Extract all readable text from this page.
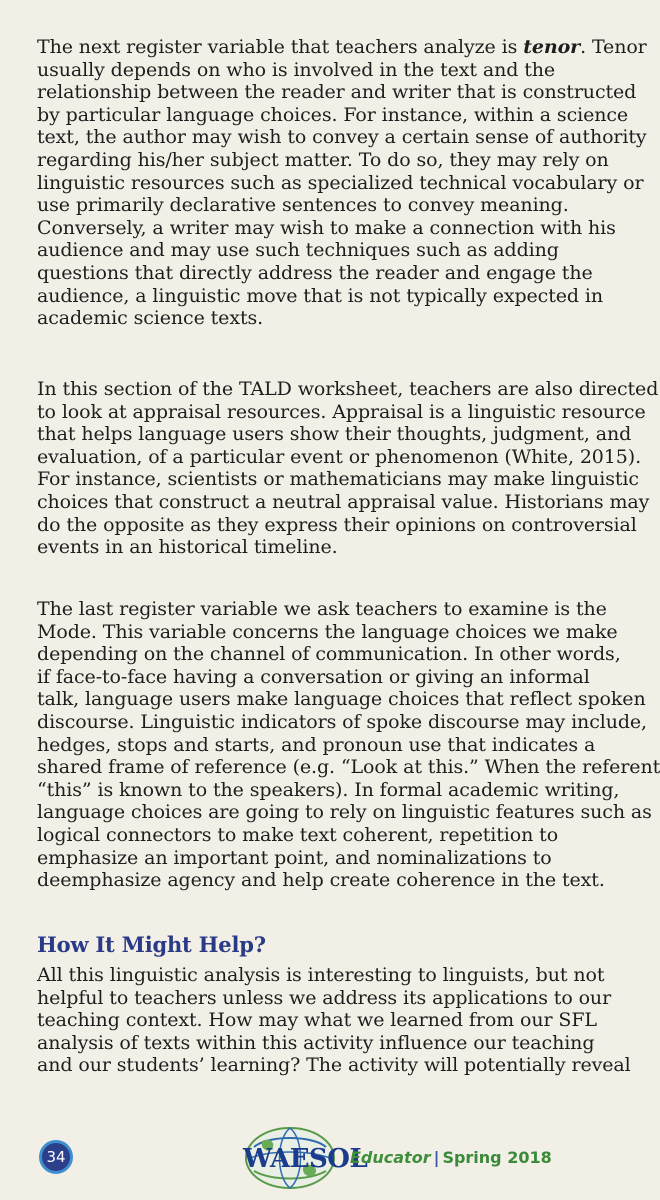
The next register variable that teachers analyze is tenor. Tenor
usually depends on who is involved in the text and the
relationship between the reader and writer that is constructed
by particular language choices. For instance, within a science
text, the author may wish to convey a certain sense of authority
regarding his/her subject matter. To do so, they may rely on
linguistic resources such as specialized technical vocabulary or
use primarily declarative sentences to convey meaning.
Conversely, a writer may wish to make a connection with his
audience and may use such techniques such as adding
questions that directly address the reader and engage the
audience, a linguistic move that is not typically expected in
academic science texts.
In this section of the TALD worksheet, teachers are also directed
to look at appraisal resources. Appraisal is a linguistic resource
that helps language users show their thoughts, judgment, and
evaluation, of a particular event or phenomenon (White, 2015).
For instance, scientists or mathematicians may make linguistic
choices that construct a neutral appraisal value. Historians may
do the opposite as they express their opinions on controversial
events in an historical timeline.
The last register variable we ask teachers to examine is the
Mode. This variable concerns the language choices we make
depending on the channel of communication. In other words,
if face-to-face having a conversation or giving an informal
talk, language users make language choices that reflect spoken
discourse. Linguistic indicators of spoke discourse may include,
hedges, stops and starts, and pronoun use that indicates a
shared frame of reference (e.g. “Look at this.” When the referent
“this” is known to the speakers). In formal academic writing,
language choices are going to rely on linguistic features such as
logical connectors to make text coherent, repetition to
emphasize an important point, and nominalizations to
deemphasize agency and help create coherence in the text.
How It Might Help?
All this linguistic analysis is interesting to linguists, but not
helpful to teachers unless we address its applications to our
teaching context. How may what we learned from our SFL
analysis of texts within this activity influence our teaching
and our students’ learning? The activity will potentially reveal
34	WAESOL
Educator | Spring 2018
